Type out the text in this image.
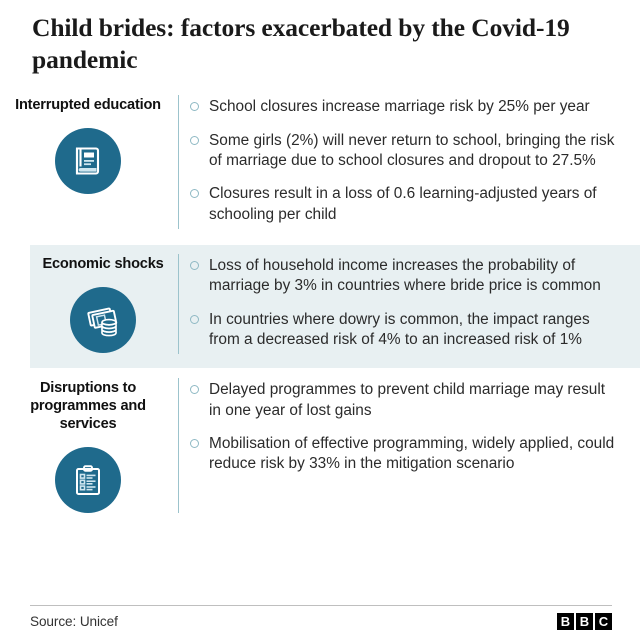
Child brides: factors exacerbated by the Covid-19 pandemic
Interrupted education	School closures increase marriage risk by 25% per year
Some girls (2%) will never return to school, bringing the risk of marriage due to school closures and dropout to 27.5%
Closures result in a loss of 0.6 learning-adjusted years of schooling per child
Economic shocks	Loss of household income increases the probability of marriage by 3% in countries where bride price is common
In countries where dowry is common, the impact ranges from a decreased risk of 4% to an increased risk of 1%
Disruptions to programmes and services
Delayed programmes to prevent child marriage may result in one year of lost gains
Mobilisation of effective programming, widely applied, could reduce risk by 33% in the mitigation scenario
Source: Unicef	B B C
